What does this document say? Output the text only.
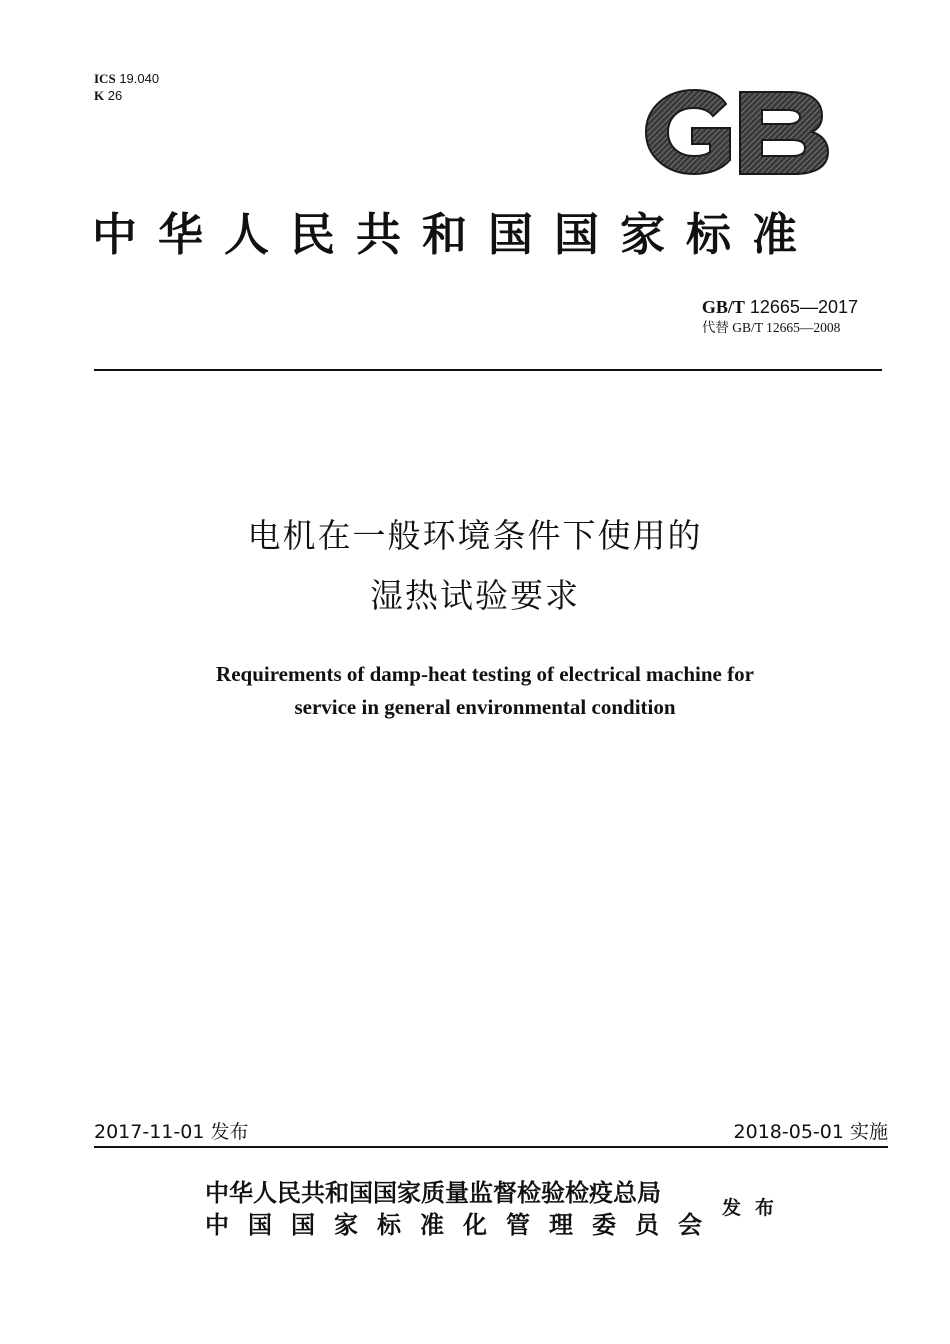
ICS 19.040
K 26
GB
中华人民共和国国家标准
GB/T 12665—2017
代替 GB/T 12665—2008
电机在一般环境条件下使用的
湿热试验要求
Requirements of damp-heat testing of electrical machine for
service in general environmental condition
2017-11-01 发布	2018-05-01 实施
中华人民共和国国家质量监督检验检疫总局
中国国家标准化管理委员会
发布
